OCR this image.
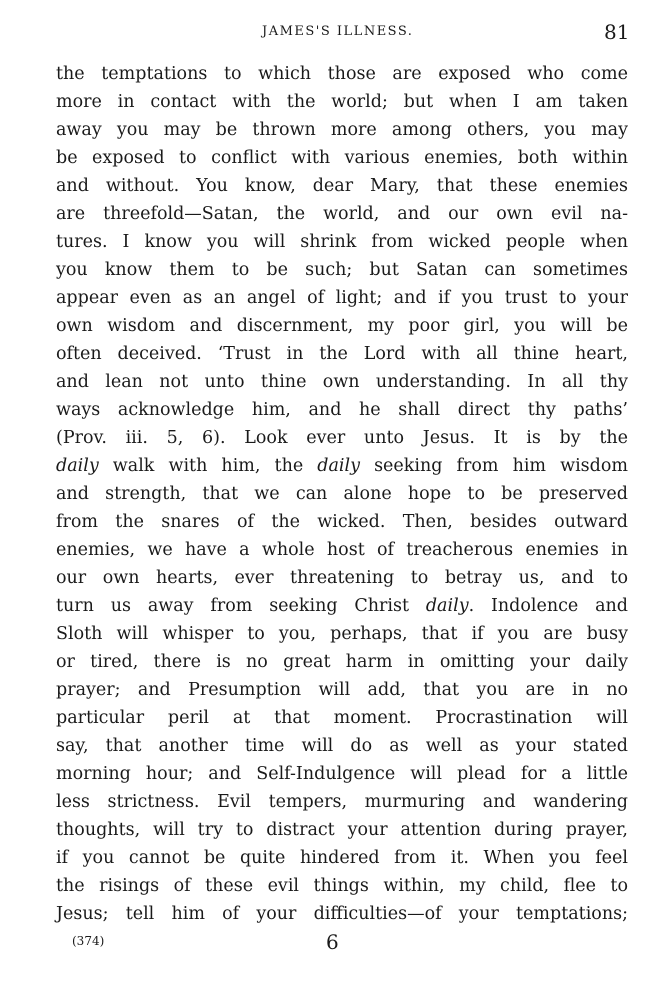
JAMES'S ILLNESS.	81
the temptations to which those are exposed who come
more in contact with the world; but when I am taken
away you may be thrown more among others, you may
be exposed to conflict with various enemies, both within
and without. You know, dear Mary, that these enemies
are threefold—Satan, the world, and our own evil na-
tures. I know you will shrink from wicked people when
you know them to be such; but Satan can sometimes
appear even as an angel of light; and if you trust to your
own wisdom and discernment, my poor girl, you will be
often deceived. ‘Trust in the Lord with all thine heart,
and lean not unto thine own understanding. In all thy
ways acknowledge him, and he shall direct thy paths’
(Prov. iii. 5, 6). Look ever unto Jesus. It is by the
daily walk with him, the daily seeking from him wisdom
and strength, that we can alone hope to be preserved
from the snares of the wicked. Then, besides outward
enemies, we have a whole host of treacherous enemies in
our own hearts, ever threatening to betray us, and to
turn us away from seeking Christ daily. Indolence and
Sloth will whisper to you, perhaps, that if you are busy
or tired, there is no great harm in omitting your daily
prayer; and Presumption will add, that you are in no
particular peril at that moment. Procrastination will
say, that another time will do as well as your stated
morning hour; and Self-Indulgence will plead for a little
less strictness. Evil tempers, murmuring and wandering
thoughts, will try to distract your attention during prayer,
if you cannot be quite hindered from it. When you feel
the risings of these evil things within, my child, flee to
Jesus; tell him of your difficulties—of your temptations;
(374)	6
